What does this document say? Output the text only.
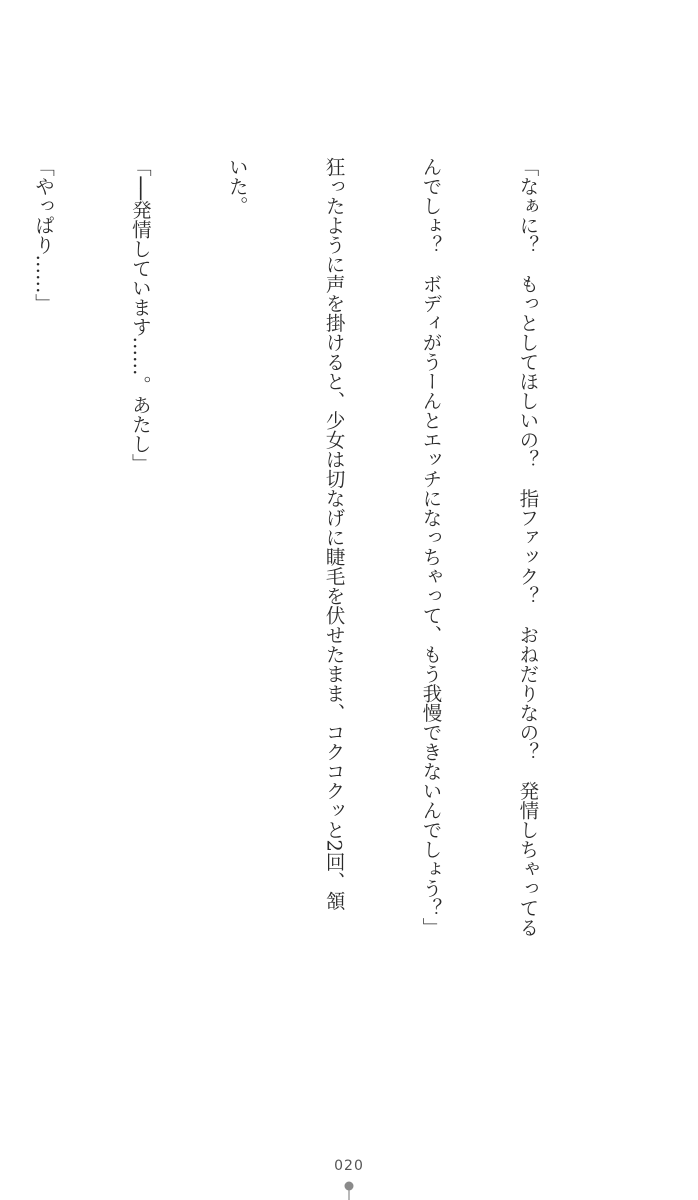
「なぁに？　もっとしてほしいの？　指ファック？　おねだりなの？　発情しちゃってる

んでしょ？　ボディがうーんとエッチになっちゃって、もう我慢できないんでしょう？」

狂ったように声を掛けると、少女は切なげに睫毛を伏せたまま、コクコクッと2回、頷

いた。

「──発情しています……。あたし」

「やっぱり……」

020
